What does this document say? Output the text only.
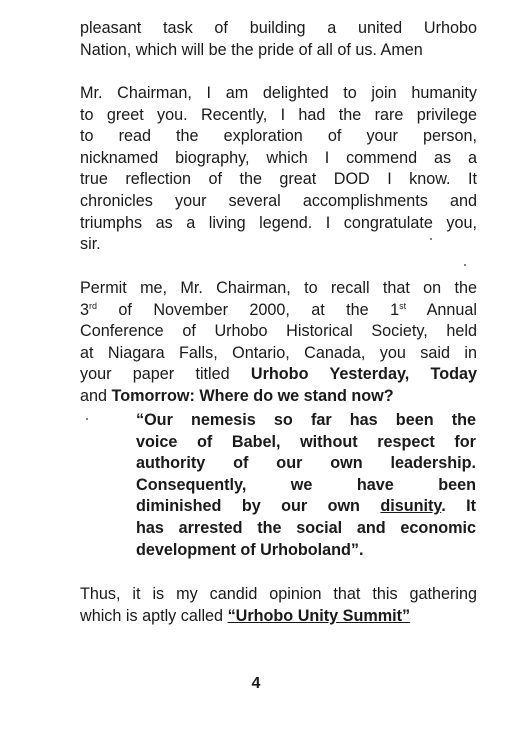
pleasant task of building a united Urhobo
Nation, which will be the pride of all of us. Amen

Mr. Chairman, I am delighted to join humanity
to greet you. Recently, I had the rare privilege
to read the exploration of your person,
nicknamed biography, which I commend as a
true reflection of the great DOD I know. It
chronicles your several accomplishments and
triumphs as a living legend. I congratulate you,
sir.

Permit me, Mr. Chairman, to recall that on the
3rd of November 2000, at the 1st Annual
Conference of Urhobo Historical Society, held
at Niagara Falls, Ontario, Canada, you said in
your paper titled Urhobo Yesterday, Today
and Tomorrow: Where do we stand now?

“Our nemesis so far has been the
voice of Babel, without respect for
authority of our own leadership.
Consequently, we have been
diminished by our own disunity. It
has arrested the social and economic
development of Urhoboland”.

Thus, it is my candid opinion that this gathering
which is aptly called “Urhobo Unity Summit”

4
